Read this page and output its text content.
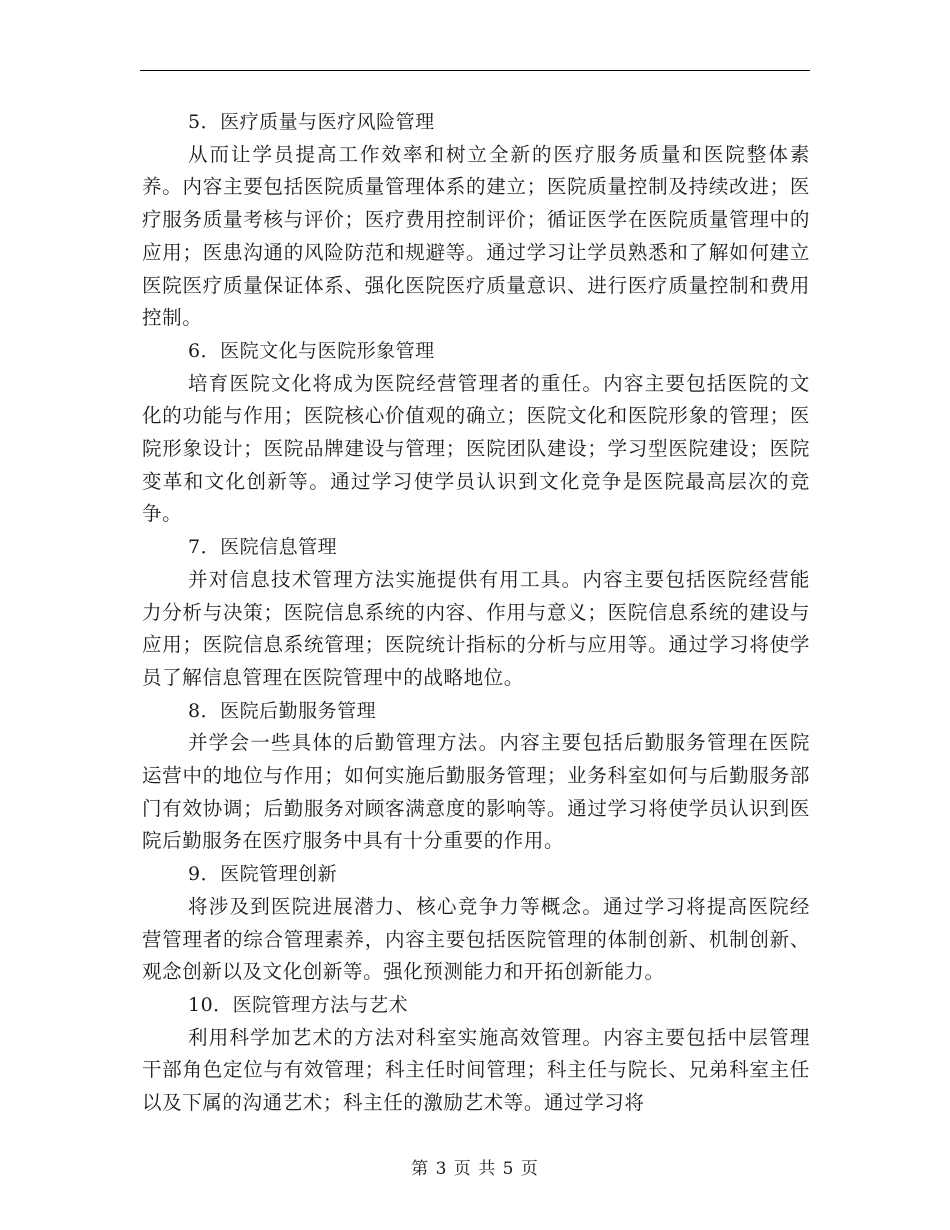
5．医疗质量与医疗风险管理

从而让学员提高工作效率和树立全新的医疗服务质量和医院整体素养。内容主要包括医院质量管理体系的建立；医院质量控制及持续改进；医疗服务质量考核与评价；医疗费用控制评价；循证医学在医院质量管理中的应用；医患沟通的风险防范和规避等。通过学习让学员熟悉和了解如何建立医院医疗质量保证体系、强化医院医疗质量意识、进行医疗质量控制和费用控制。

6．医院文化与医院形象管理

培育医院文化将成为医院经营管理者的重任。内容主要包括医院的文化的功能与作用；医院核心价值观的确立；医院文化和医院形象的管理；医院形象设计；医院品牌建设与管理；医院团队建设；学习型医院建设；医院变革和文化创新等。通过学习使学员认识到文化竞争是医院最高层次的竞争。

7．医院信息管理

并对信息技术管理方法实施提供有用工具。内容主要包括医院经营能力分析与决策；医院信息系统的内容、作用与意义；医院信息系统的建设与应用；医院信息系统管理；医院统计指标的分析与应用等。通过学习将使学员了解信息管理在医院管理中的战略地位。

8．医院后勤服务管理

并学会一些具体的后勤管理方法。内容主要包括后勤服务管理在医院运营中的地位与作用；如何实施后勤服务管理；业务科室如何与后勤服务部门有效协调；后勤服务对顾客满意度的影响等。通过学习将使学员认识到医院后勤服务在医疗服务中具有十分重要的作用。

9．医院管理创新

将涉及到医院进展潜力、核心竞争力等概念。通过学习将提高医院经营管理者的综合管理素养，内容主要包括医院管理的体制创新、机制创新、观念创新以及文化创新等。强化预测能力和开拓创新能力。

10．医院管理方法与艺术

利用科学加艺术的方法对科室实施高效管理。内容主要包括中层管理干部角色定位与有效管理；科主任时间管理；科主任与院长、兄弟科室主任以及下属的沟通艺术；科主任的激励艺术等。通过学习将

第 3 页 共 5 页
